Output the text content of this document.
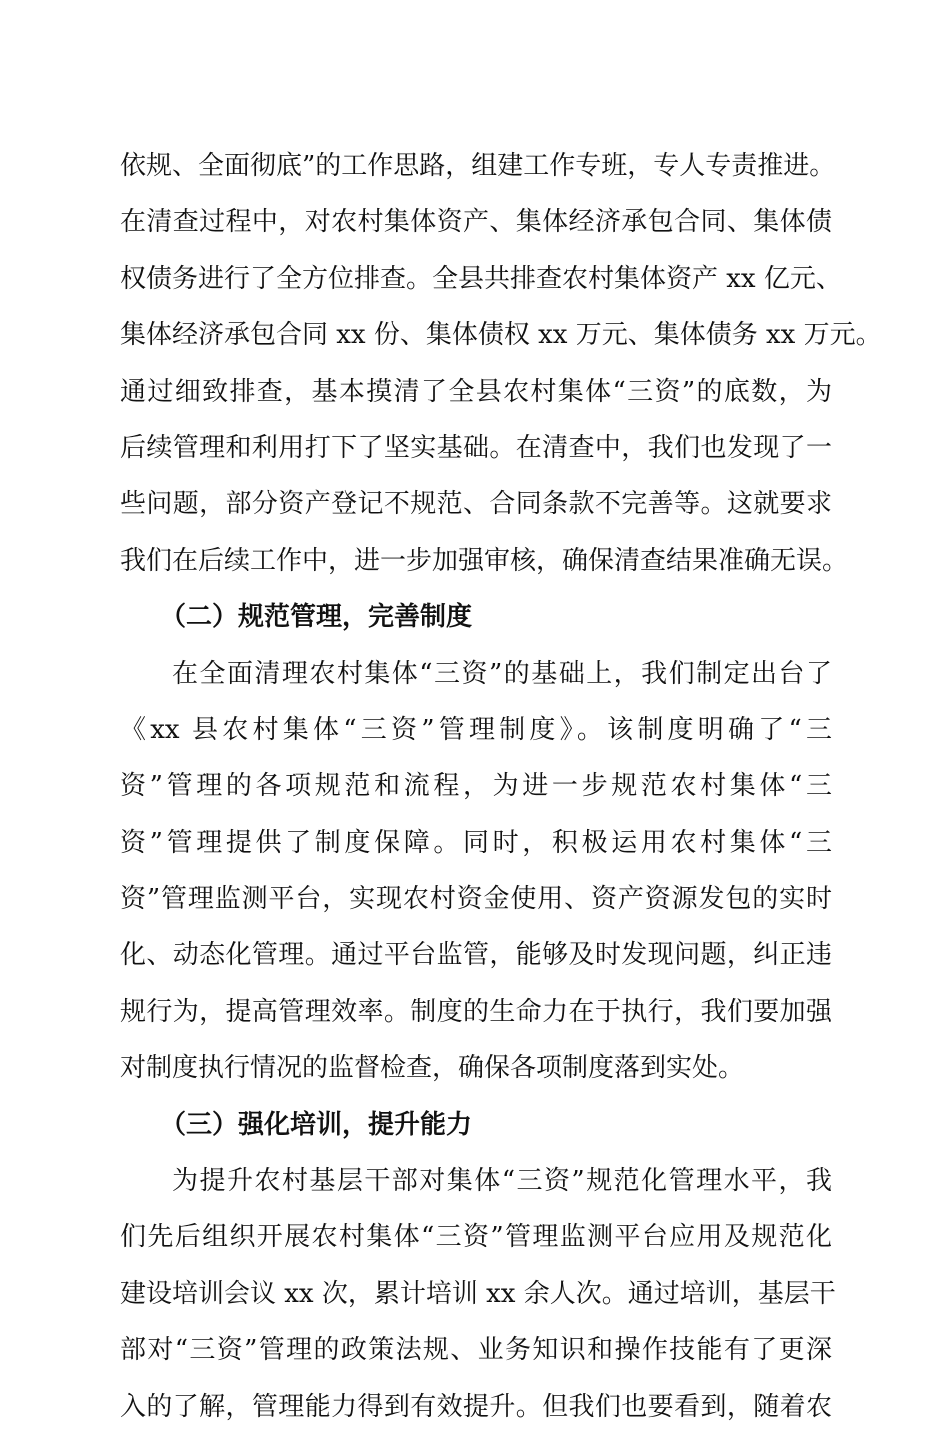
依规、全面彻底”的工作思路，组建工作专班，专人专责推进。
在清查过程中，对农村集体资产、集体经济承包合同、集体债
权债务进行了全方位排查。全县共排查农村集体资产 xx 亿元、
集体经济承包合同 xx 份、集体债权 xx 万元、集体债务 xx 万元。
通过细致排查，基本摸清了全县农村集体“三资”的底数，为
后续管理和利用打下了坚实基础。在清查中，我们也发现了一
些问题，部分资产登记不规范、合同条款不完善等。这就要求
我们在后续工作中，进一步加强审核，确保清查结果准确无误。
（二）规范管理，完善制度
在全面清理农村集体“三资”的基础上，我们制定出台了
《xx 县农村集体“三资”管理制度》。该制度明确了“三
资”管理的各项规范和流程，为进一步规范农村集体“三
资”管理提供了制度保障。同时，积极运用农村集体“三
资”管理监测平台，实现农村资金使用、资产资源发包的实时
化、动态化管理。通过平台监管，能够及时发现问题，纠正违
规行为，提高管理效率。制度的生命力在于执行，我们要加强
对制度执行情况的监督检查，确保各项制度落到实处。
（三）强化培训，提升能力
为提升农村基层干部对集体“三资”规范化管理水平，我
们先后组织开展农村集体“三资”管理监测平台应用及规范化
建设培训会议 xx 次，累计培训 xx 余人次。通过培训，基层干
部对“三资”管理的政策法规、业务知识和操作技能有了更深
入的了解，管理能力得到有效提升。但我们也要看到，随着农
